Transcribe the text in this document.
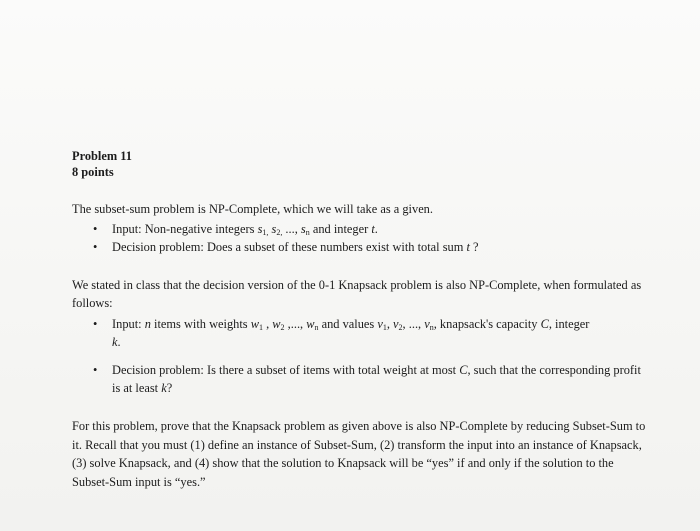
Problem 11
8 points

The subset-sum problem is NP-Complete, which we will take as a given.

• Input: Non-negative integers $s_{1,}$ $s_{2,}$ ..., $s_n$ and integer t.
• Decision problem: Does a subset of these numbers exist with total sum t ?

We stated in class that the decision version of the 0-1 Knapsack problem is also NP-Complete, when formulated as follows:

• Input: n items with weights $w_1$ , $w_2$ ,..., $w_n$ and values $v_1$, $v_2$, ..., $v_n$, knapsack's capacity C, integer
k.
• Decision problem: Is there a subset of items with total weight at most C, such that the corresponding profit is at least k?

For this problem, prove that the Knapsack problem as given above is also NP-Complete by reducing Subset-Sum to it. Recall that you must (1) define an instance of Subset-Sum, (2) transform the input into an instance of Knapsack, (3) solve Knapsack, and (4) show that the solution to Knapsack will be “yes” if and only if the solution to the Subset-Sum input is “yes.”
